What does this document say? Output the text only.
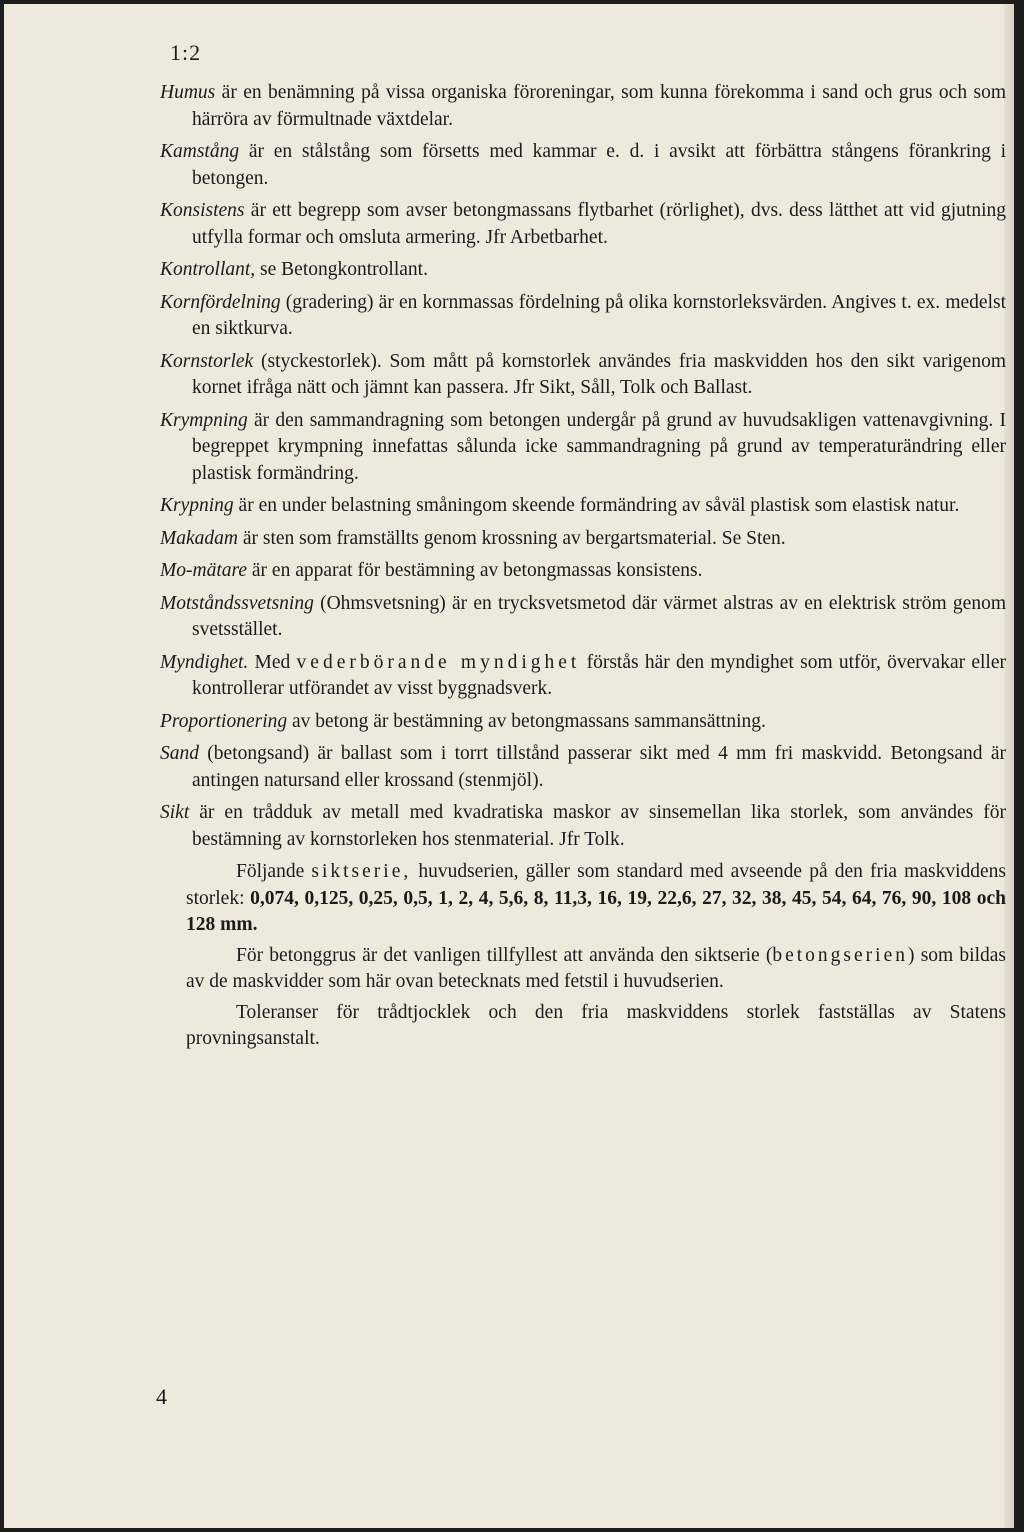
1:2

Humus är en benämning på vissa organiska föroreningar, som kunna förekomma i sand och grus och som härröra av förmultnade växtdelar.

Kamstång är en stålstång som försetts med kammar e. d. i avsikt att förbättra stångens förankring i betongen.

Konsistens är ett begrepp som avser betongmassans flytbarhet (rörlighet), dvs. dess lätthet att vid gjutning utfylla formar och omsluta armering. Jfr Arbetbarhet.

Kontrollant, se Betongkontrollant.

Kornfördelning (gradering) är en kornmassas fördelning på olika kornstorleksvärden. Angives t. ex. medelst en siktkurva.

Kornstorlek (styckestorlek). Som mått på kornstorlek användes fria maskvidden hos den sikt varigenom kornet ifråga nätt och jämnt kan passera. Jfr Sikt, Såll, Tolk och Ballast.

Krympning är den sammandragning som betongen undergår på grund av huvudsakligen vattenavgivning. I begreppet krympning innefattas sålunda icke sammandragning på grund av temperaturändring eller plastisk formändring.

Krypning är en under belastning småningom skeende formändring av såväl plastisk som elastisk natur.

Makadam är sten som framställts genom krossning av bergartsmaterial. Se Sten.

Mo-mätare är en apparat för bestämning av betongmassas konsistens.

Motståndssvetsning (Ohmsvetsning) är en trycksvetsmetod där värmet alstras av en elektrisk ström genom svetsstället.

Myndighet. Med vederbörande myndighet förstås här den myndighet som utför, övervakar eller kontrollerar utförandet av visst byggnadsverk.

Proportionering av betong är bestämning av betongmassans sammansättning.

Sand (betongsand) är ballast som i torrt tillstånd passerar sikt med 4 mm fri maskvidd. Betongsand är antingen natursand eller krossand (stenmjöl).

Sikt är en trådduk av metall med kvadratiska maskor av sinsemellan lika storlek, som användes för bestämning av kornstorleken hos stenmaterial. Jfr Tolk.

Följande siktserie, huvudserien, gäller som standard med avseende på den fria maskviddens storlek: 0,074, 0,125, 0,25, 0,5, 1, 2, 4, 5,6, 8, 11,3, 16, 19, 22,6, 27, 32, 38, 45, 54, 64, 76, 90, 108 och 128 mm.

För betonggrus är det vanligen tillfyllest att använda den siktserie (betongserien) som bildas av de maskvidder som här ovan betecknats med fetstil i huvudserien.

Toleranser för trådtjocklek och den fria maskviddens storlek fastställas av Statens provningsanstalt.

4
